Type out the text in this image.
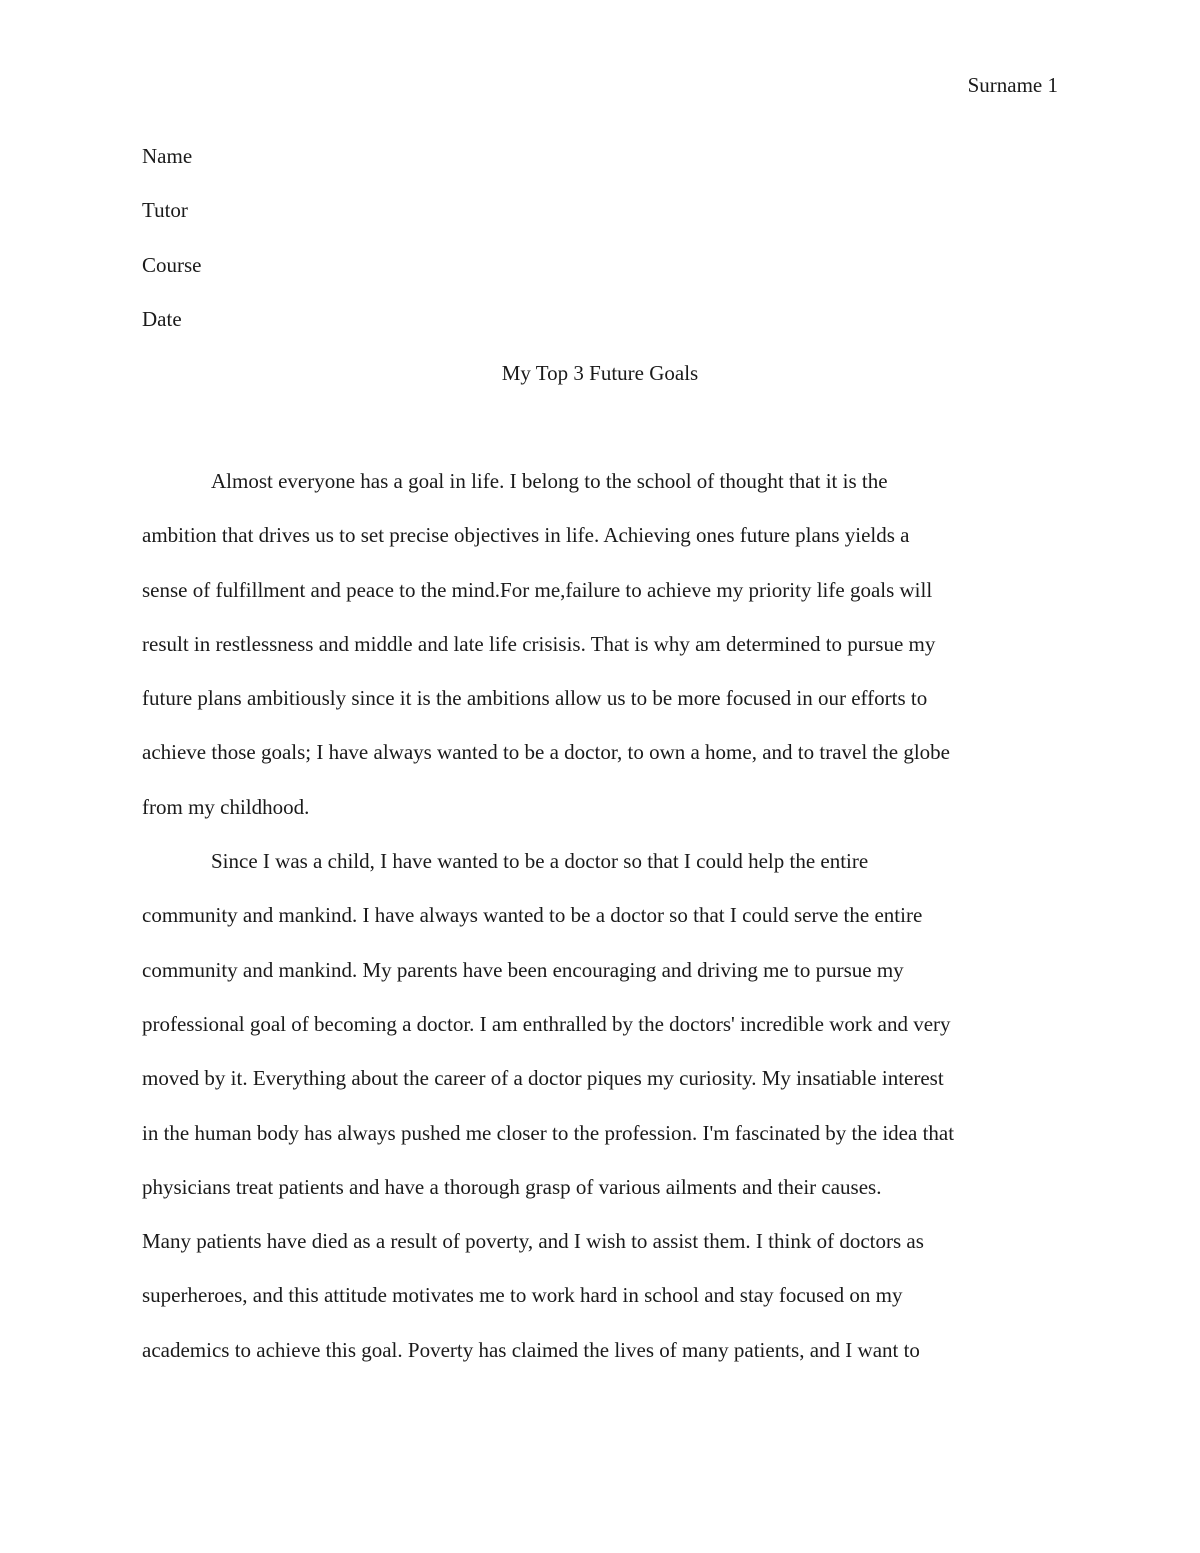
Surname 1
Name
Tutor
Course
Date
My Top 3 Future Goals
Almost everyone has a goal in life. I belong to the school of thought that it is the
ambition that drives us to set precise objectives in life. Achieving ones future plans yields a
sense of fulfillment and peace to the mind.For me,failure to achieve my priority life goals will
result in restlessness and middle and late life crisisis. That is why am determined to pursue my
future plans ambitiously since it is the ambitions allow us to be more focused in our efforts to
achieve those goals; I have always wanted to be a doctor, to own a home, and to travel the globe
from my childhood.
Since I was a child, I have wanted to be a doctor so that I could help the entire
community and mankind. I have always wanted to be a doctor so that I could serve the entire
community and mankind. My parents have been encouraging and driving me to pursue my
professional goal of becoming a doctor. I am enthralled by the doctors' incredible work and very
moved by it. Everything about the career of a doctor piques my curiosity. My insatiable interest
in the human body has always pushed me closer to the profession. I'm fascinated by the idea that
physicians treat patients and have a thorough grasp of various ailments and their causes.
Many patients have died as a result of poverty, and I wish to assist them. I think of doctors as
superheroes, and this attitude motivates me to work hard in school and stay focused on my
academics to achieve this goal. Poverty has claimed the lives of many patients, and I want to
